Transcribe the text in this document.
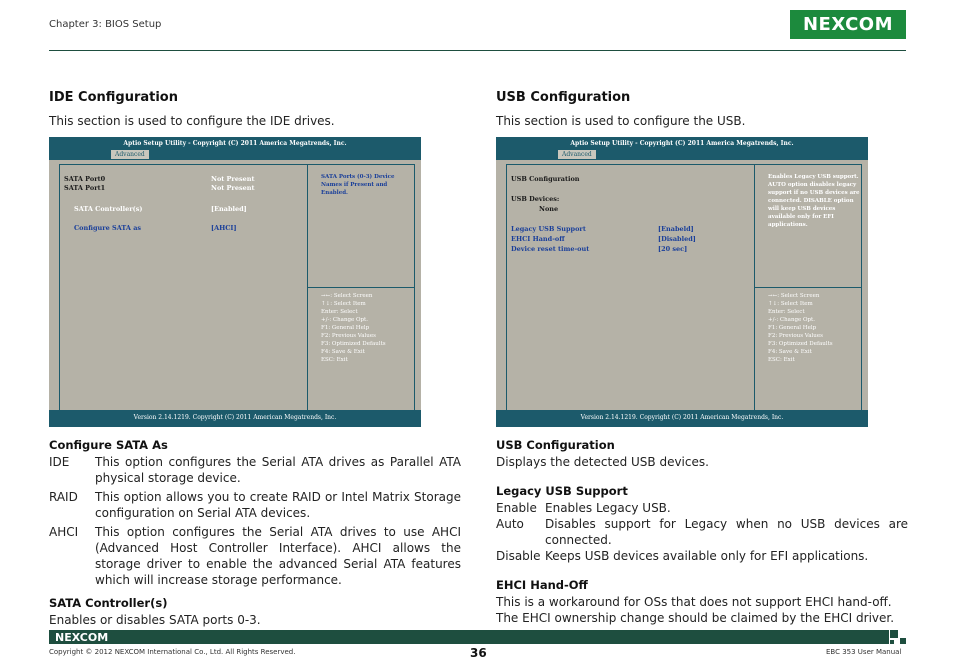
Chapter 3: BIOS Setup	NEXCOM
IDE Configuration
This section is used to configure the IDE drives.
Aptio Setup Utility - Copyright (C) 2011 America Megatrends, Inc.
Advanced
SATA Port0	Not Present
SATA Port1	Not Present
SATA Controller(s)	[Enabled]
Configure SATA as	[AHCI]
SATA Ports (0-3) Device Names if Present and Enabled.
→←: Select Screen
↑↓: Select Item
Enter: Select
+/-: Change Opt.
F1: General Help
F2: Previous Values
F3: Optimized Defaults
F4: Save & Exit
ESC: Exit
Version 2.14.1219. Copyright (C) 2011 American Megatrends, Inc.
Configure SATA As
IDE	This option configures the Serial ATA drives as Parallel ATA physical storage device.
RAID	This option allows you to create RAID or Intel Matrix Storage configuration on Serial ATA devices.
AHCI	This option configures the Serial ATA drives to use AHCI (Advanced Host Controller Interface). AHCI allows the storage driver to enable the advanced Serial ATA features which will increase storage performance.
SATA Controller(s)
Enables or disables SATA ports 0-3.
USB Configuration
This section is used to configure the USB.
Aptio Setup Utility - Copyright (C) 2011 America Megatrends, Inc.
Advanced
USB Configuration
USB Devices:
None
Legacy USB Support	[Enabeld]
EHCI Hand-off	[Disabled]
Device reset time-out	[20 sec]
Enables Legacy USB support. AUTO option disables legacy support if no USB devices are connected. DISABLE option will keep USB devices available only for EFI applications.
→←: Select Screen
↑↓: Select Item
Enter: Select
+/-: Change Opt.
F1: General Help
F2: Previous Values
F3: Optimized Defaults
F4: Save & Exit
ESC: Exit
Version 2.14.1219. Copyright (C) 2011 American Megatrends, Inc.
USB Configuration
Displays the detected USB devices.
Legacy USB Support
Enable Enables Legacy USB.
Auto	Disables support for Legacy when no USB devices are connected.
Disable Keeps USB devices available only for EFI applications.
EHCI Hand-Off
This is a workaround for OSs that does not support EHCI hand-off. The EHCI ownership change should be claimed by the EHCI driver.
NEXCOM
Copyright © 2012 NEXCOM International Co., Ltd. All Rights Reserved.	36	EBC 353 User Manual
